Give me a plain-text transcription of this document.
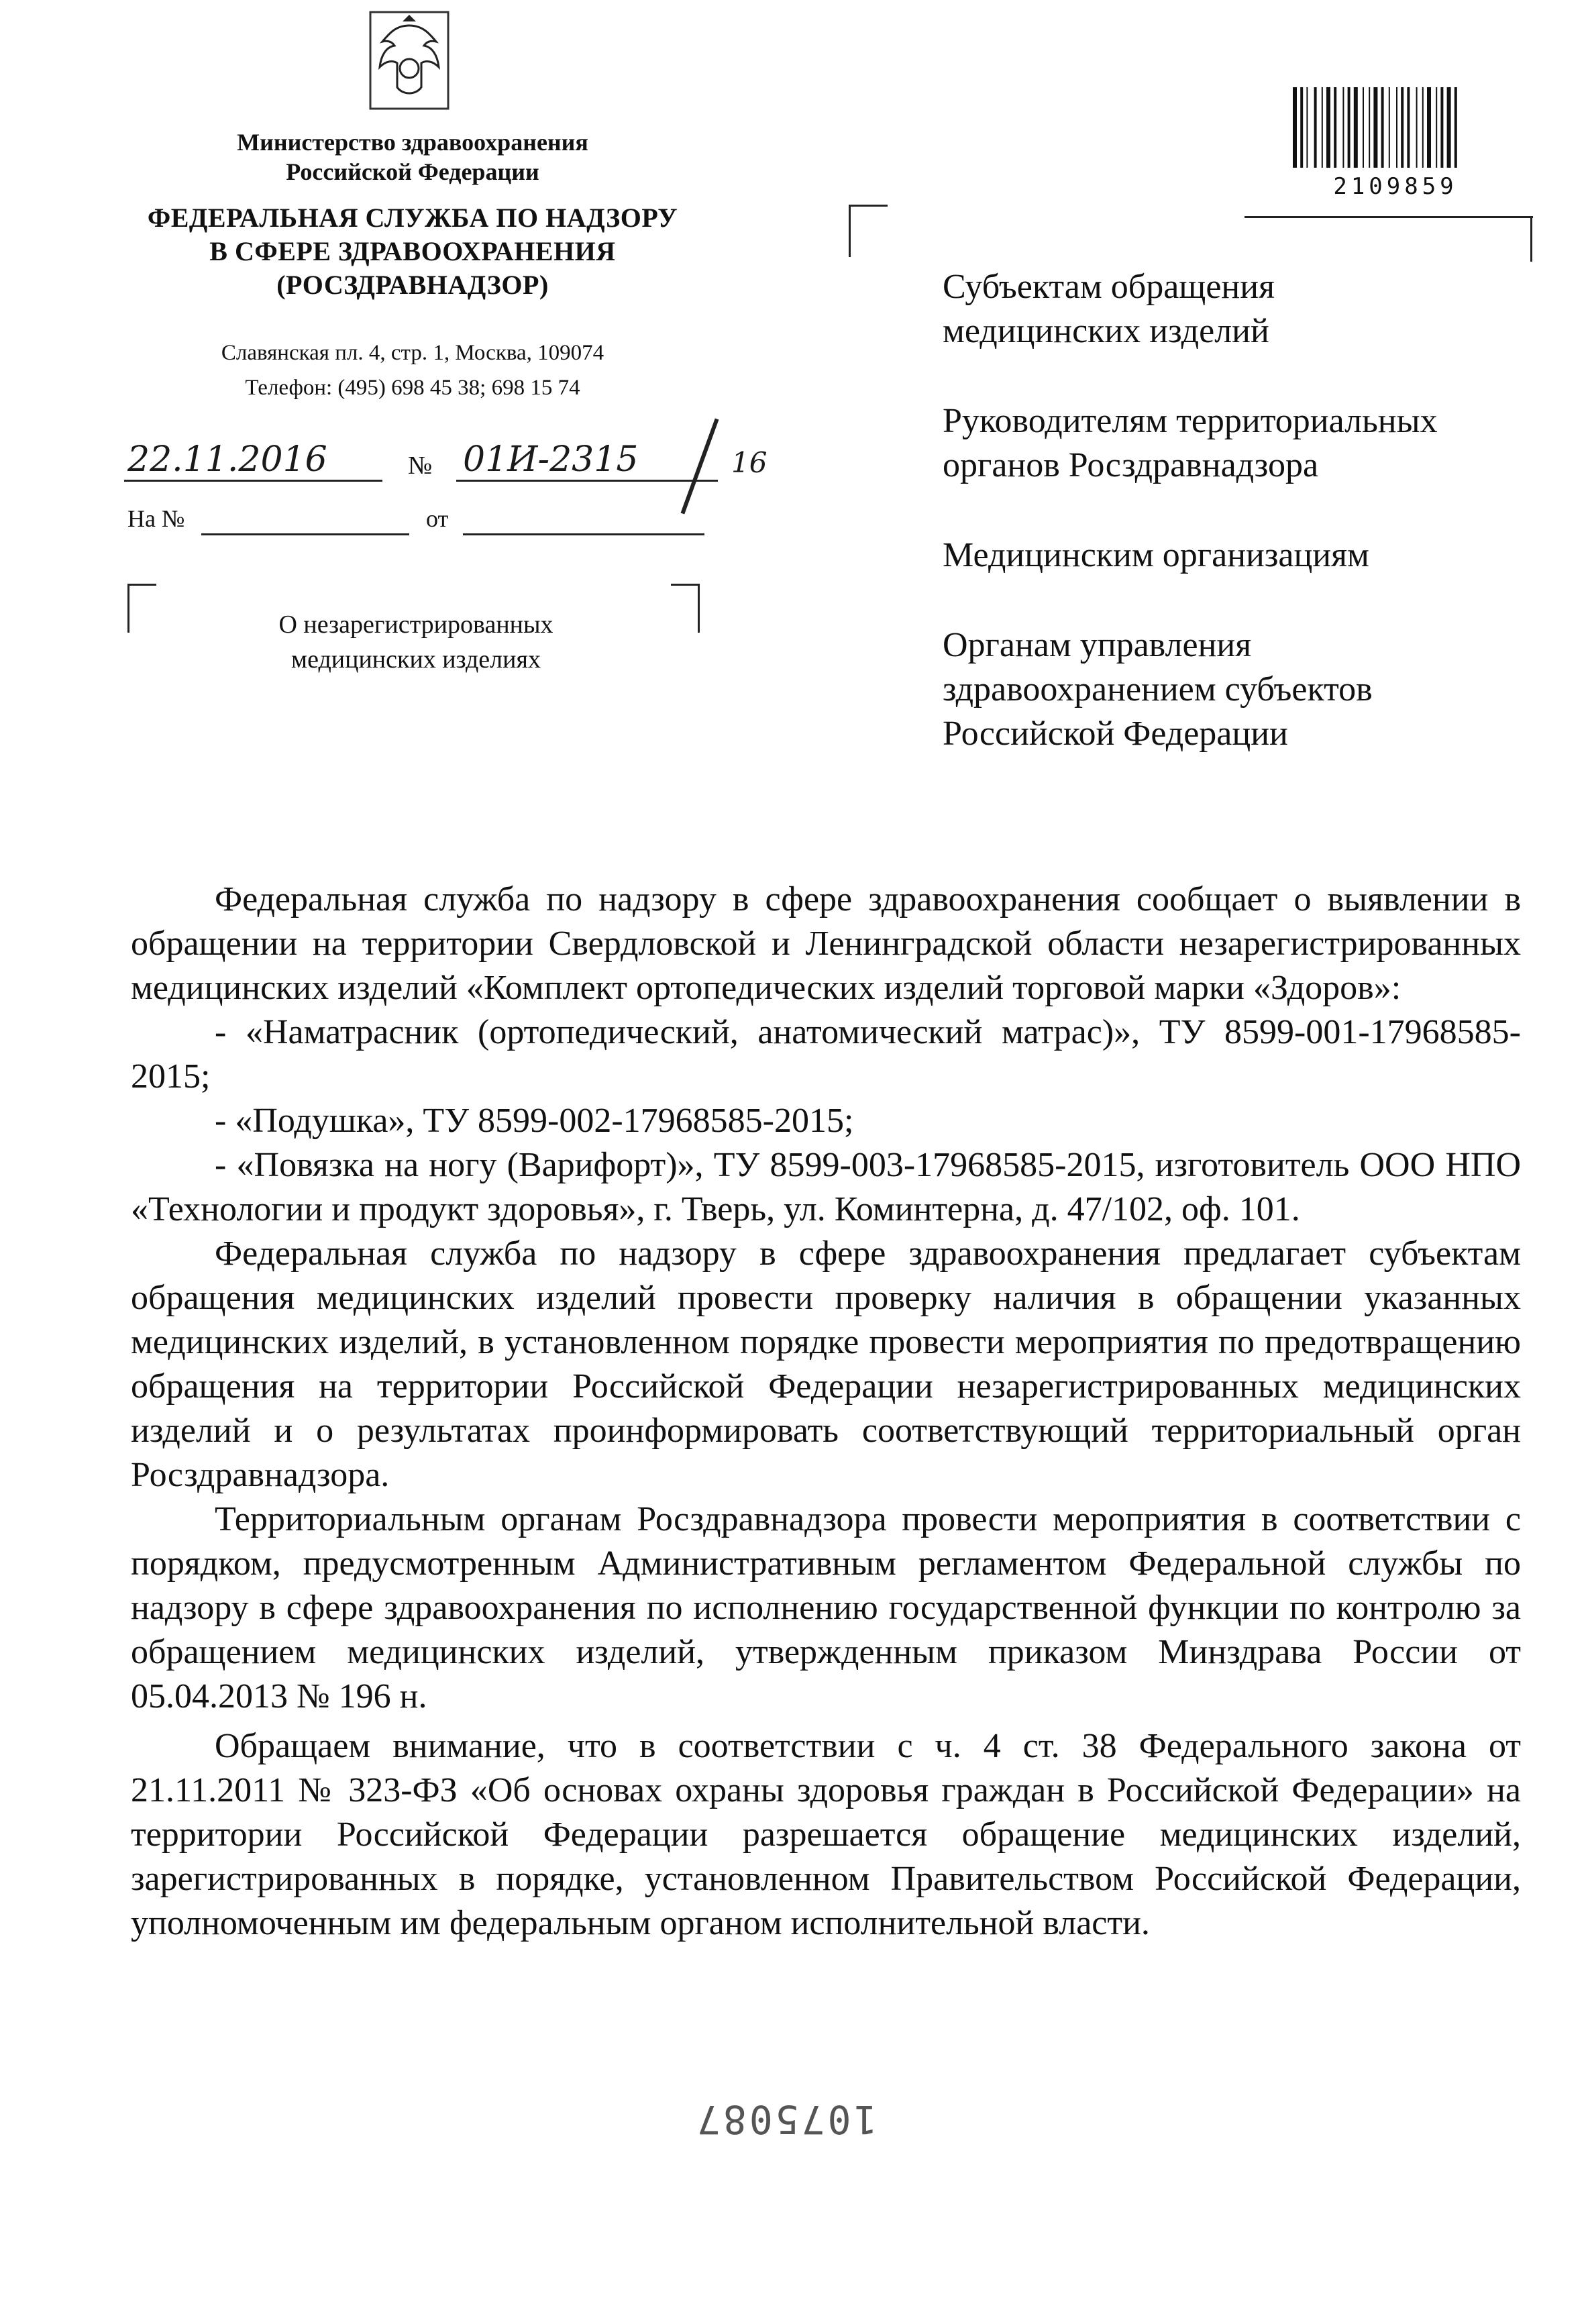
Министерство здравоохранения
Российской Федерации
ФЕДЕРАЛЬНАЯ СЛУЖБА ПО НАДЗОРУ
В СФЕРЕ ЗДРАВООХРАНЕНИЯ
(РОСЗДРАВНАДЗОР)
Славянская пл. 4, стр. 1, Москва, 109074
Телефон: (495) 698 45 38; 698 15 74
22.11.2016	№ 01И-2315	16
На №	от
О незарегистрированных
медицинских изделиях
2109859
Субъектам обращения
медицинских изделий
Руководителям территориальных
органов Росздравнадзора
Медицинским организациям
Органам управления
здравоохранением субъектов
Российской Федерации

Федеральная служба по надзору в сфере здравоохранения сообщает о выявлении в обращении на территории Свердловской и Ленинградской области незарегистрированных медицинских изделий «Комплект ортопедических изделий торговой марки «Здоров»:

- «Наматрасник (ортопедический, анатомический матрас)», ТУ 8599-001-17968585-2015;

- «Подушка», ТУ 8599-002-17968585-2015;

- «Повязка на ногу (Варифорт)», ТУ 8599-003-17968585-2015, изготовитель ООО НПО «Технологии и продукт здоровья», г. Тверь, ул. Коминтерна, д. 47/102, оф. 101.

Федеральная служба по надзору в сфере здравоохранения предлагает субъектам обращения медицинских изделий провести проверку наличия в обращении указанных медицинских изделий, в установленном порядке провести мероприятия по предотвращению обращения на территории Российской Федерации незарегистрированных медицинских изделий и о результатах проинформировать соответствующий территориальный орган Росздравнадзора.

Территориальным органам Росздравнадзора провести мероприятия в соответствии с порядком, предусмотренным Административным регламентом Федеральной службы по надзору в сфере здравоохранения по исполнению государственной функции по контролю за обращением медицинских изделий, утвержденным приказом Минздрава России от 05.04.2013 № 196 н.

Обращаем внимание, что в соответствии с ч. 4 ст. 38 Федерального закона от 21.11.2011 № 323-ФЗ «Об основах охраны здоровья граждан в Российской Федерации» на территории Российской Федерации разрешается обращение медицинских изделий, зарегистрированных в порядке, установленном Правительством Российской Федерации, уполномоченным им федеральным органом исполнительной власти.

1075087
